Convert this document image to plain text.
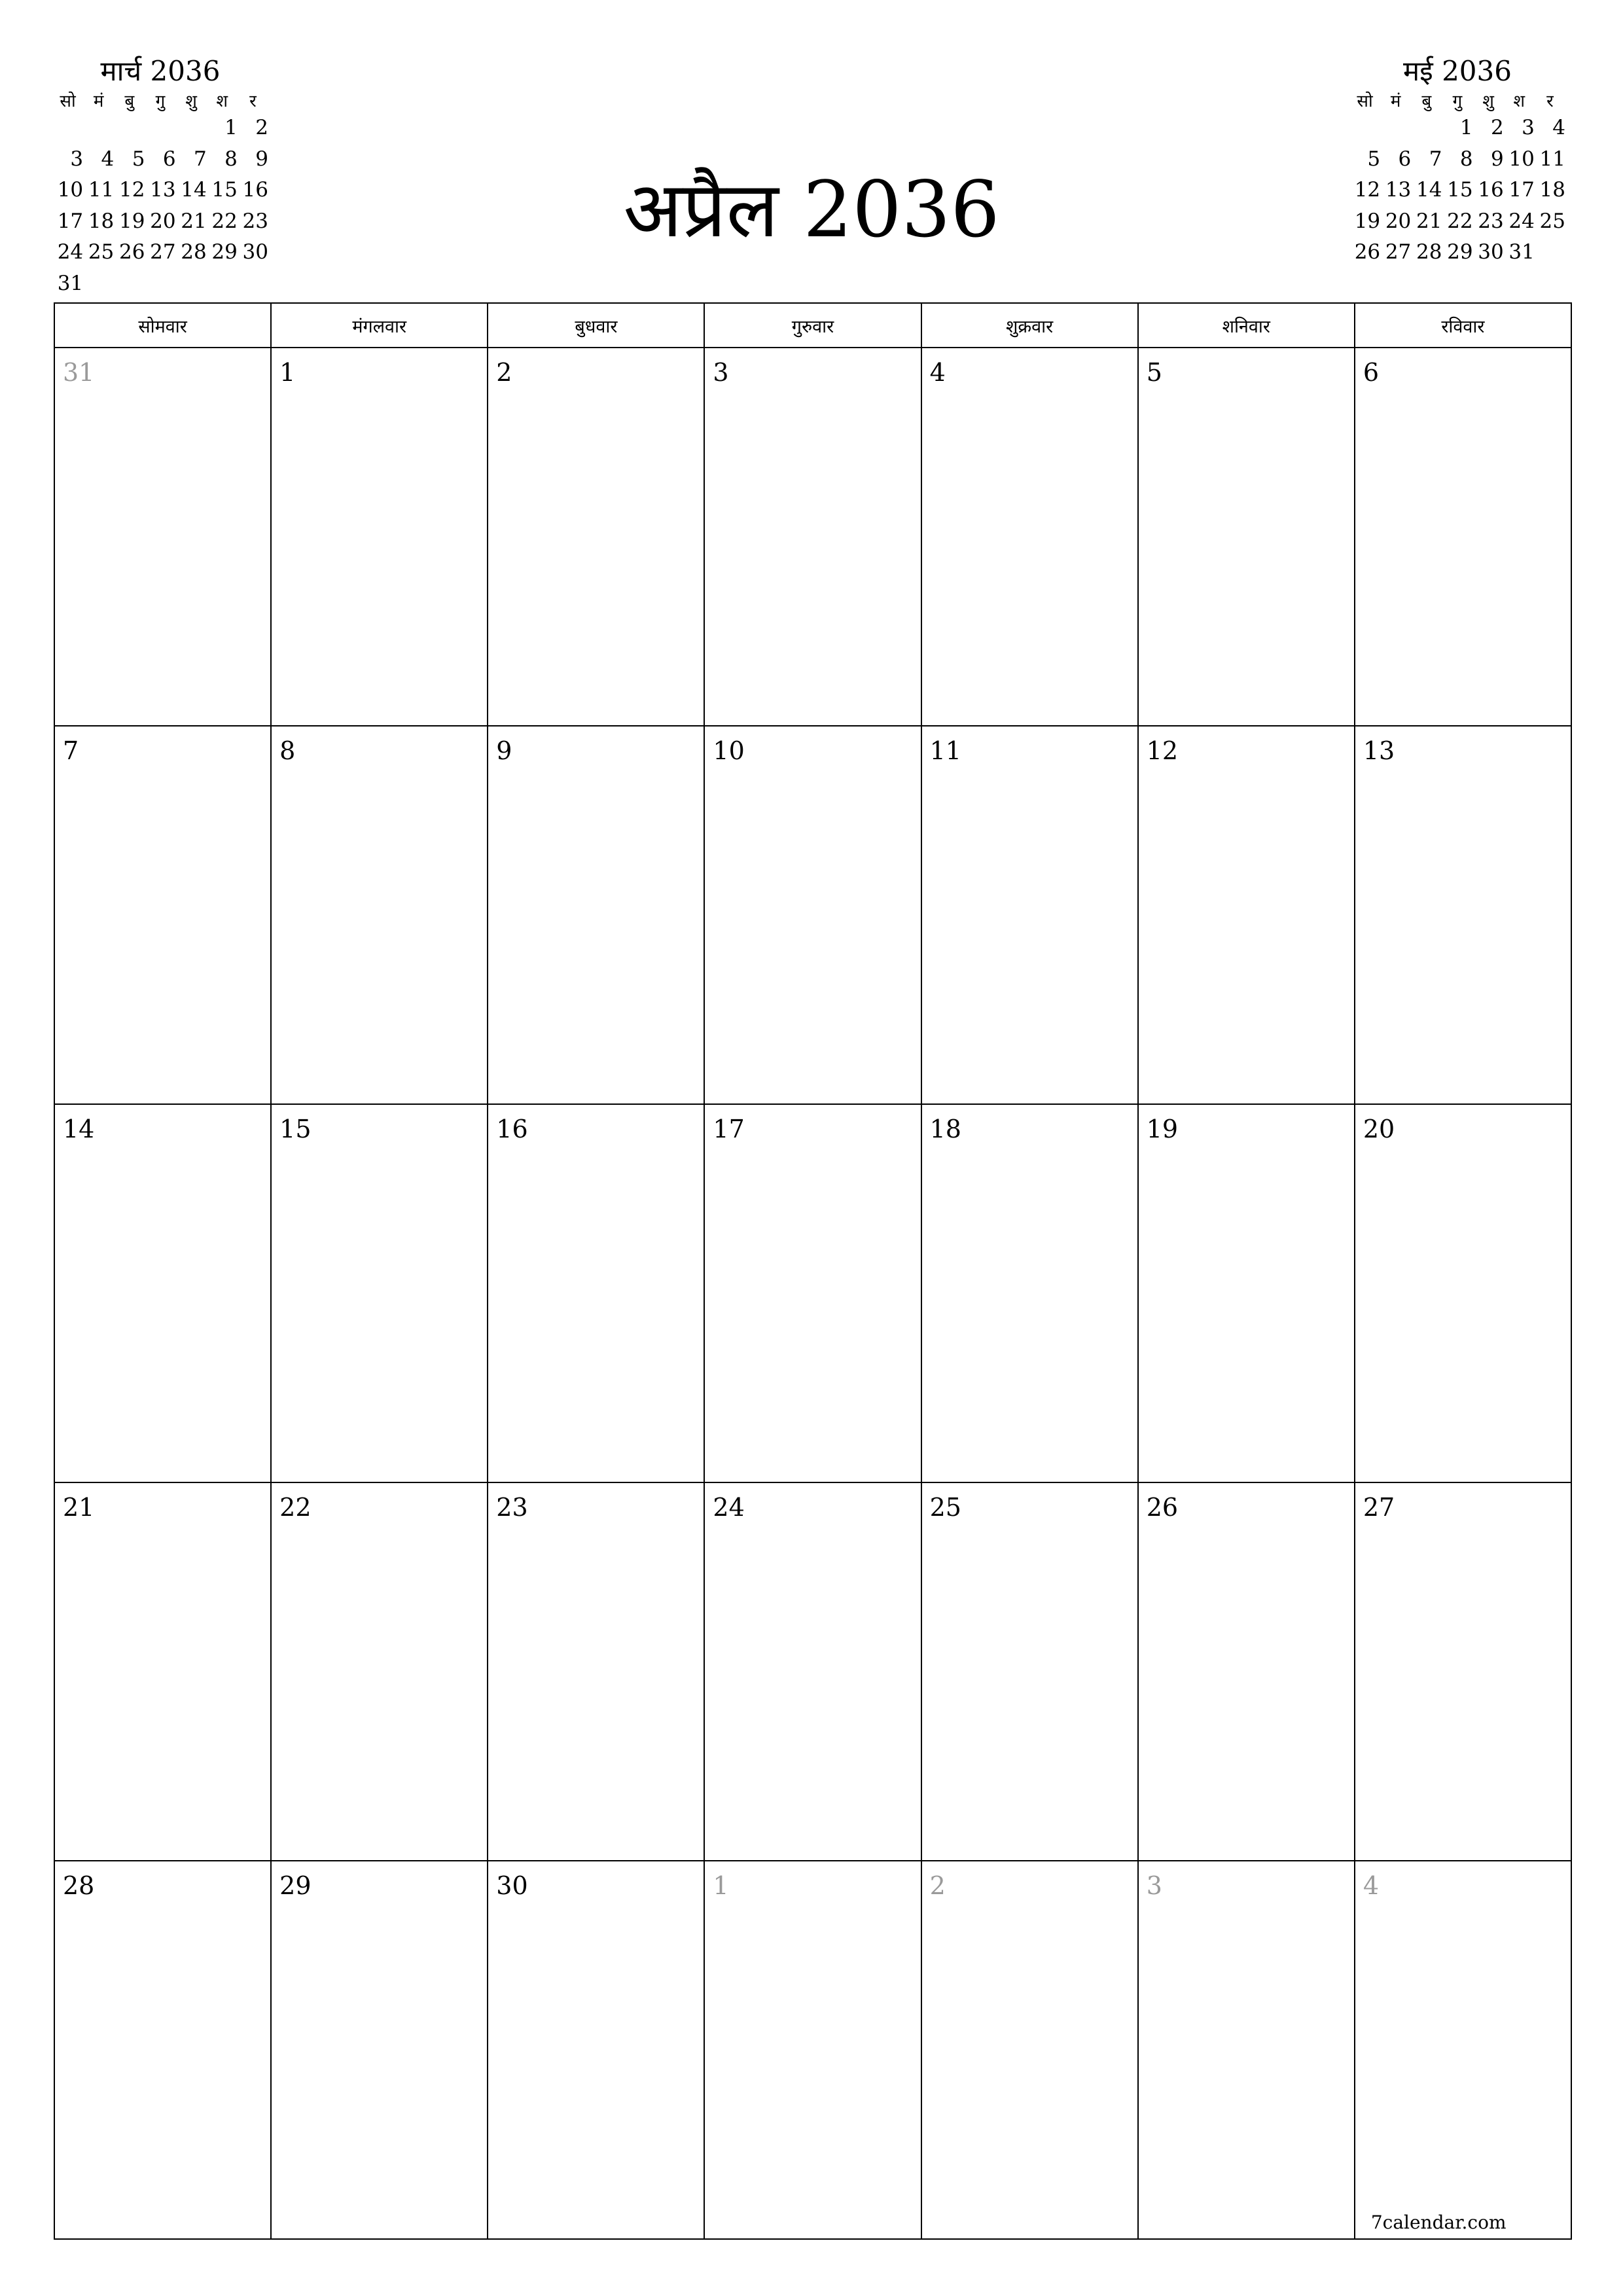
अप्रैल 2036
मार्च 2036
सो	मं	बु	गु	शु	श	र
					1	2
3	4	5	6	7	8	9
10	11	12	13	14	15	16
17	18	19	20	21	22	23
24	25	26	27	28	29	30
31						
मई 2036
सो	मं	बु	गु	शु	श	र
			1	2	3	4
5	6	7	8	9	10	11
12	13	14	15	16	17	18
19	20	21	22	23	24	25
26	27	28	29	30	31	
सोमवार	मंगलवार	बुधवार	गुरुवार	शुक्रवार	शनिवार	रविवार

31	1	2	3	4	5	6

7	8	9	10	11	12	13

14	15	16	17	18	19	20

21	22	23	24	25	26	27

28	29	30	1	2	3	4
7calendar.com
